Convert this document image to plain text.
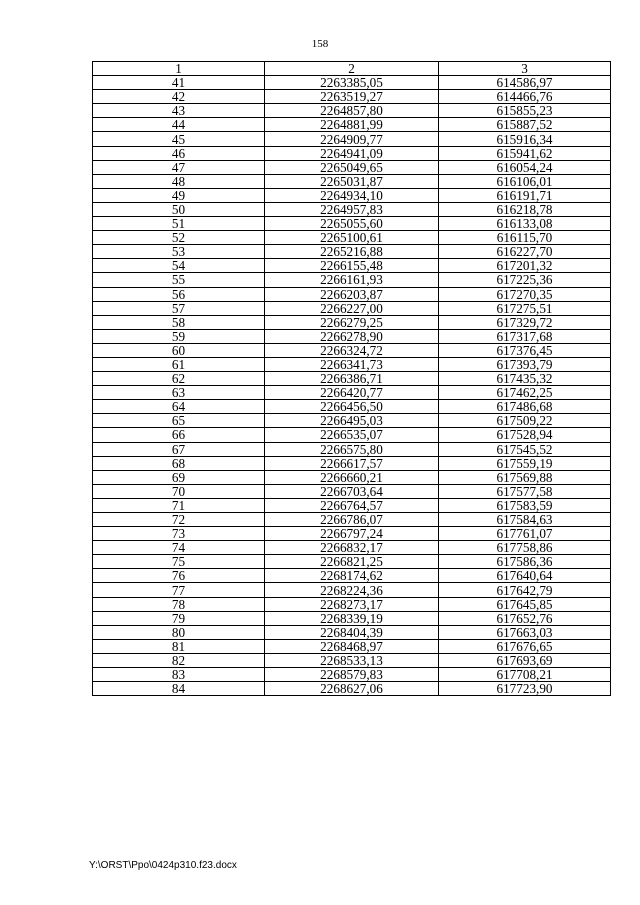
158
1	2	3
41	2263385,05	614586,97
42	2263519,27	614466,76
43	2264857,80	615855,23
44	2264881,99	615887,52
45	2264909,77	615916,34
46	2264941,09	615941,62
47	2265049,65	616054,24
48	2265031,87	616106,01
49	2264934,10	616191,71
50	2264957,83	616218,78
51	2265055,60	616133,08
52	2265100,61	616115,70
53	2265216,88	616227,70
54	2266155,48	617201,32
55	2266161,93	617225,36
56	2266203,87	617270,35
57	2266227,00	617275,51
58	2266279,25	617329,72
59	2266278,90	617317,68
60	2266324,72	617376,45
61	2266341,73	617393,79
62	2266386,71	617435,32
63	2266420,77	617462,25
64	2266456,50	617486,68
65	2266495,03	617509,22
66	2266535,07	617528,94
67	2266575,80	617545,52
68	2266617,57	617559,19
69	2266660,21	617569,88
70	2266703,64	617577,58
71	2266764,57	617583,59
72	2266786,07	617584,63
73	2266797,24	617761,07
74	2266832,17	617758,86
75	2266821,25	617586,36
76	2268174,62	617640,64
77	2268224,36	617642,79
78	2268273,17	617645,85
79	2268339,19	617652,76
80	2268404,39	617663,03
81	2268468,97	617676,65
82	2268533,13	617693,69
83	2268579,83	617708,21
84	2268627,06	617723,90
Y:\ORST\Ppo\0424p310.f23.docx
